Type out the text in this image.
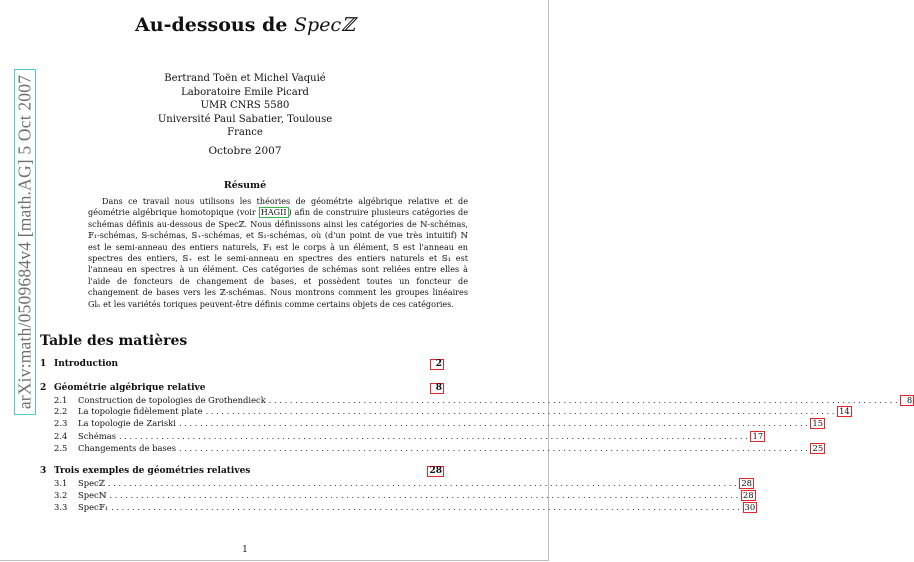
arXiv:math/0509684v4 [math.AG] 5 Oct 2007
Au-dessous de Specℤ
Bertrand Toën et Michel Vaquié
Laboratoire Emile Picard
UMR CNRS 5580
Université Paul Sabatier, Toulouse
France
Octobre 2007
Résumé
Dans ce travail nous utilisons les théories de géométrie algébrique relative et de géométrie algébrique homotopique (voir HAGII ) afin de construire plusieurs catégories de schémas définis au-dessous de Specℤ. Nous définissons ainsi les catégories de ℕ-schémas, 𝔽₁-schémas, 𝕊-schémas, 𝕊₊-schémas, et 𝕊₁-schémas, où (d'un point de vue très intuitif) ℕ est le semi-anneau des entiers naturels, 𝔽₁ est le corps à un élément, 𝕊 est l'anneau en spectres des entiers, 𝕊₊ est le semi-anneau en spectres des entiers naturels et 𝕊₁ est l'anneau en spectres à un élément. Ces catégories de schémas sont reliées entre elles à l'aide de foncteurs de changement de bases, et possèdent toutes un foncteur de changement de bases vers les ℤ-schémas. Nous montrons comment les groupes linéaires Glₙ et les variétés toriques peuvent-être définis comme certains objets de ces catégories.
Table des matières
1 Introduction	2
2 Géométrie algébrique relative	8
2.1	Construction de topologies de Grothendieck ........................................................................................................................ 8
2.2	La topologie fidèlement plate ........................................................................................................................ 14
2.3	La topologie de Zariski ........................................................................................................................ 15
2.4	Schémas ........................................................................................................................ 17
2.5	Changements de bases ........................................................................................................................ 25
3 Trois exemples de géométries relatives	28
3.1	Specℤ ........................................................................................................................ 28
3.2	Specℕ ........................................................................................................................ 28
3.3	Spec𝔽₁ ........................................................................................................................ 30
1
